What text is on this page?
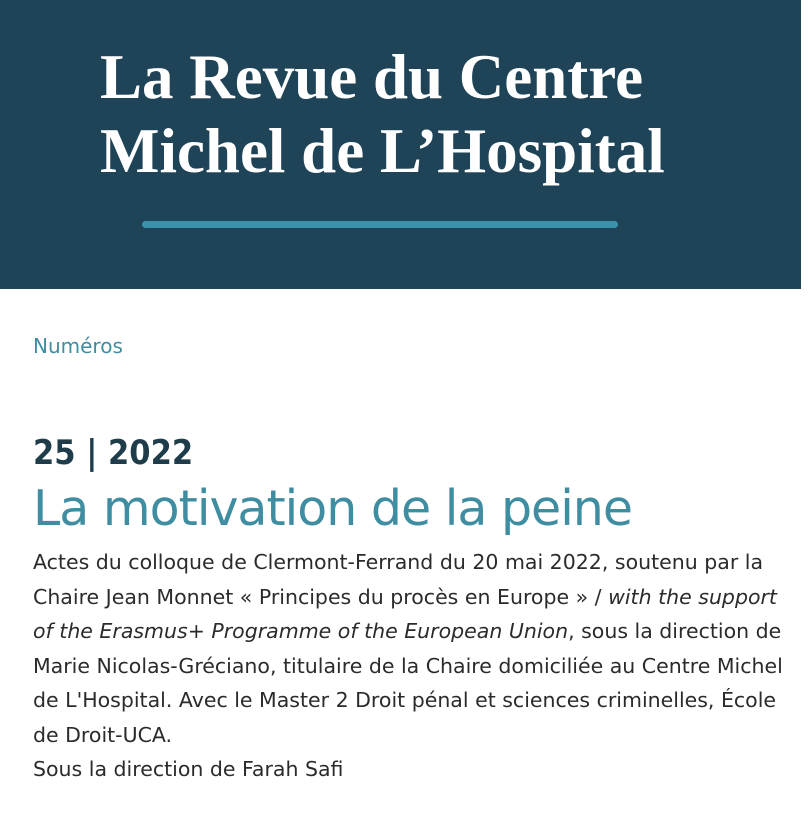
La Revue du Centre
Michel de L’Hospital
Numéros
25 | 2022
La motivation de la peine

Actes du colloque de Clermont-Ferrand du 20 mai 2022, soutenu par la Chaire Jean Monnet « Principes du procès en Europe » / with the support of the Erasmus+ Programme of the European Union, sous la direction de Marie Nicolas-Gréciano, titulaire de la Chaire domiciliée au Centre Michel de L'Hospital. Avec le Master 2 Droit pénal et sciences criminelles, École de Droit-UCA.

Sous la direction de Farah Safi
